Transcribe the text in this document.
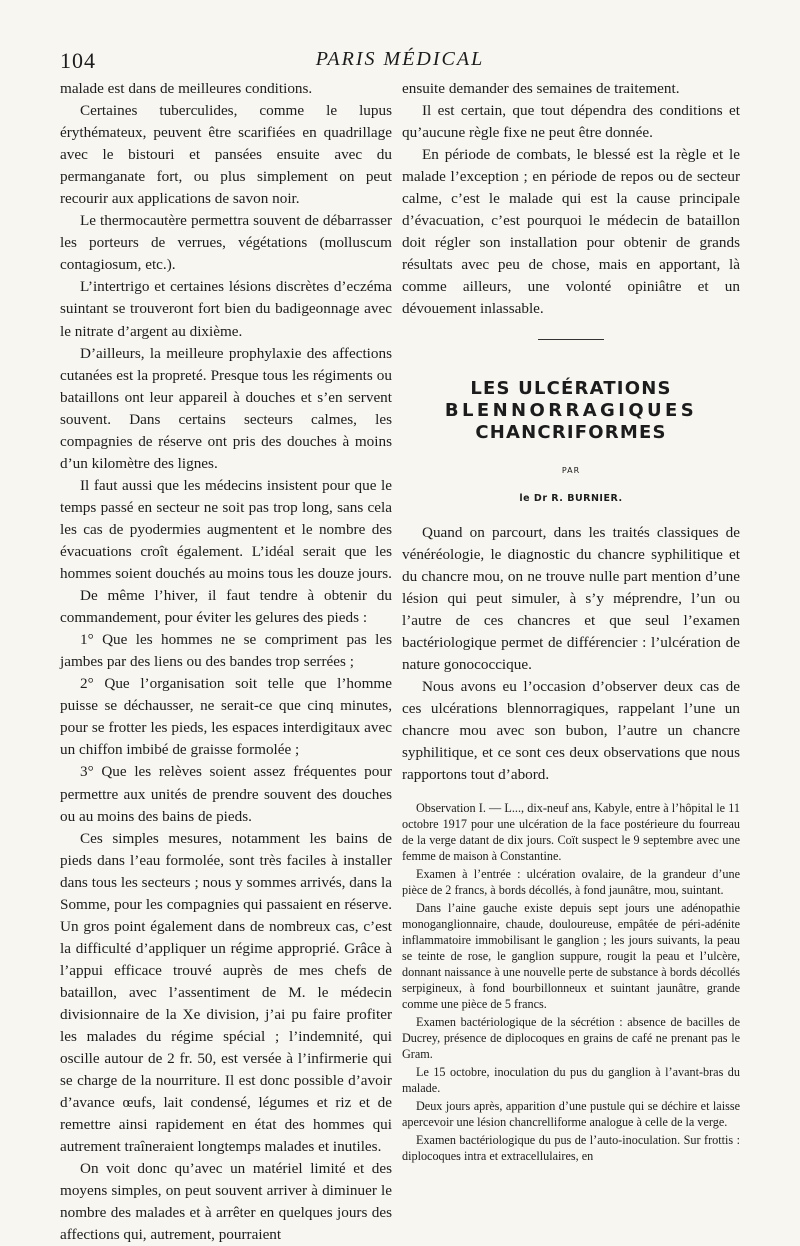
104	PARIS MÉDICAL

malade est dans de meilleures conditions.

Certaines tuberculides, comme le lupus érythémateux, peuvent être scarifiées en quadrillage avec le bistouri et pansées ensuite avec du permanganate fort, ou plus simplement on peut recourir aux applications de savon noir.

Le thermocautère permettra souvent de débarrasser les porteurs de verrues, végétations (molluscum contagiosum, etc.).

L’intertrigo et certaines lésions discrètes d’eczéma suintant se trouveront fort bien du badigeonnage avec le nitrate d’argent au dixième.

D’ailleurs, la meilleure prophylaxie des affections cutanées est la propreté. Presque tous les régiments ou bataillons ont leur appareil à douches et s’en servent souvent. Dans certains secteurs calmes, les compagnies de réserve ont pris des douches à moins d’un kilomètre des lignes.

Il faut aussi que les médecins insistent pour que le temps passé en secteur ne soit pas trop long, sans cela les cas de pyodermies augmentent et le nombre des évacuations croît également. L’idéal serait que les hommes soient douchés au moins tous les douze jours.

De même l’hiver, il faut tendre à obtenir du commandement, pour éviter les gelures des pieds :

1° Que les hommes ne se compriment pas les jambes par des liens ou des bandes trop serrées ;

2° Que l’organisation soit telle que l’homme puisse se déchausser, ne serait-ce que cinq minutes, pour se frotter les pieds, les espaces interdigitaux avec un chiffon imbibé de graisse formolée ;

3° Que les relèves soient assez fréquentes pour permettre aux unités de prendre souvent des douches ou au moins des bains de pieds.

Ces simples mesures, notamment les bains de pieds dans l’eau formolée, sont très faciles à installer dans tous les secteurs ; nous y sommes arrivés, dans la Somme, pour les compagnies qui passaient en réserve. Un gros point également dans de nombreux cas, c’est la difficulté d’appliquer un régime approprié. Grâce à l’appui efficace trouvé auprès de mes chefs de bataillon, avec l’assentiment de M. le médecin divisionnaire de la Xe division, j’ai pu faire profiter les malades du régime spécial ; l’indemnité, qui oscille autour de 2 fr. 50, est versée à l’infirmerie qui se charge de la nourriture. Il est donc possible d’avoir d’avance œufs, lait condensé, légumes et riz et de remettre ainsi rapidement en état des hommes qui autrement traîneraient longtemps malades et inutiles.

On voit donc qu’avec un matériel limité et des moyens simples, on peut souvent arriver à diminuer le nombre des malades et à arrêter en quelques jours des affections qui, autrement, pourraient

ensuite demander des semaines de traitement.

Il est certain, que tout dépendra des conditions et qu’aucune règle fixe ne peut être donnée.

En période de combats, le blessé est la règle et le malade l’exception ; en période de repos ou de secteur calme, c’est le malade qui est la cause principale d’évacuation, c’est pourquoi le médecin de bataillon doit régler son installation pour obtenir de grands résultats avec peu de chose, mais en apportant, là comme ailleurs, une volonté opiniâtre et un dévouement inlassable.

LES ULCÉRATIONS
BLENNORRAGIQUES
CHANCRIFORMES
PAR
le Dr R. BURNIER.

Quand on parcourt, dans les traités classiques de vénéréologie, le diagnostic du chancre syphilitique et du chancre mou, on ne trouve nulle part mention d’une lésion qui peut simuler, à s’y méprendre, l’un ou l’autre de ces chancres et que seul l’examen bactériologique permet de différencier : l’ulcération de nature gonococcique.

Nous avons eu l’occasion d’observer deux cas de ces ulcérations blennorragiques, rappelant l’une un chancre mou avec son bubon, l’autre un chancre syphilitique, et ce sont ces deux observations que nous rapportons tout d’abord.

Observation I. — L..., dix-neuf ans, Kabyle, entre à l’hôpital le 11 octobre 1917 pour une ulcération de la face postérieure du fourreau de la verge datant de dix jours. Coït suspect le 9 septembre avec une femme de maison à Constantine.

Examen à l’entrée : ulcération ovalaire, de la grandeur d’une pièce de 2 francs, à bords décollés, à fond jaunâtre, mou, suintant.

Dans l’aine gauche existe depuis sept jours une adénopathie monoganglionnaire, chaude, douloureuse, empâtée de péri-adénite inflammatoire immobilisant le ganglion ; les jours suivants, la peau se teinte de rose, le ganglion suppure, rougit la peau et l’ulcère, donnant naissance à une nouvelle perte de substance à bords décollés serpigineux, à fond bourbillonneux et suintant jaunâtre, grande comme une pièce de 5 francs.

Examen bactériologique de la sécrétion : absence de bacilles de Ducrey, présence de diplocoques en grains de café ne prenant pas le Gram.

Le 15 octobre, inoculation du pus du ganglion à l’avant-bras du malade.

Deux jours après, apparition d’une pustule qui se déchire et laisse apercevoir une lésion chancrelliforme analogue à celle de la verge.

Examen bactériologique du pus de l’auto-inoculation. Sur frottis : diplocoques intra et extracellulaires, en
